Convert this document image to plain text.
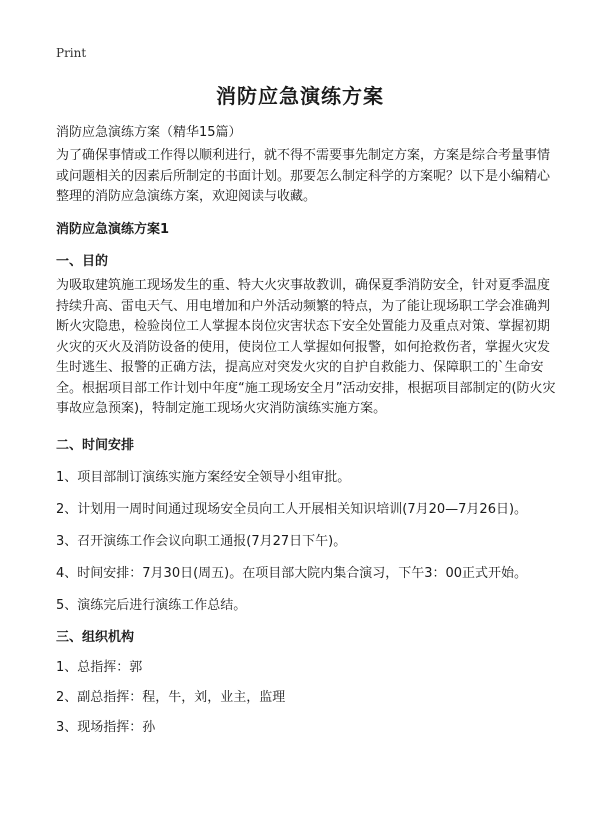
Print
消防应急演练方案
消防应急演练方案（精华15篇）

为了确保事情或工作得以顺利进行，就不得不需要事先制定方案，方案是综合考量事情或问题相关的因素后所制定的书面计划。那要怎么制定科学的方案呢？以下是小编精心整理的消防应急演练方案，欢迎阅读与收藏。

消防应急演练方案1
一、目的

为吸取建筑施工现场发生的重、特大火灾事故教训，确保夏季消防安全，针对夏季温度持续升高、雷电天气、用电增加和户外活动频繁的特点，为了能让现场职工学会准确判断火灾隐患，检验岗位工人掌握本岗位灾害状态下安全处置能力及重点对策、掌握初期火灾的灭火及消防设备的使用，使岗位工人掌握如何报警，如何抢救伤者，掌握火灾发生时逃生、报警的正确方法，提高应对突发火灾的自护自救能力、保障职工的`生命安全。根据项目部工作计划中年度“施工现场安全月”活动安排，根据项目部制定的(防火灾事故应急预案)，特制定施工现场火灾消防演练实施方案。

二、时间安排
1、项目部制订演练实施方案经安全领导小组审批。
2、计划用一周时间通过现场安全员向工人开展相关知识培训(7月20—7月26日)。
3、召开演练工作会议向职工通报(7月27日下午)。
4、时间安排：7月30日(周五)。在项目部大院内集合演习，下午3：00正式开始。
5、演练完后进行演练工作总结。
三、组织机构
1、总指挥：郭
2、副总指挥：程，牛，刘，业主，监理
3、现场指挥：孙
